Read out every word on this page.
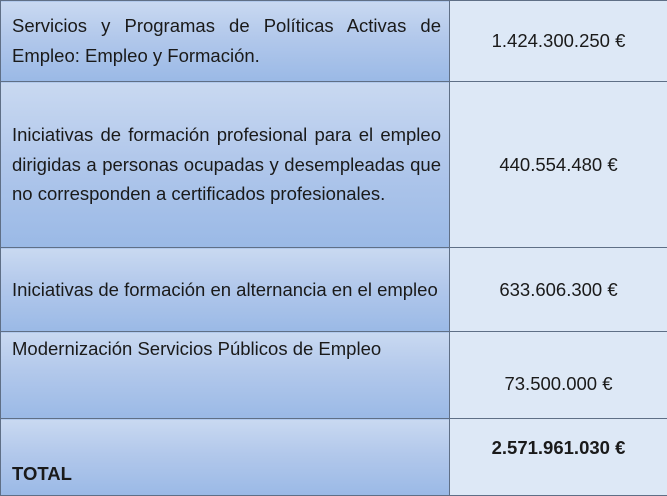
Servicios y Programas de Políticas Activas de Empleo: Empleo y Formación.	1.424.300.250 €
Iniciativas de formación profesional para el empleo dirigidas a personas ocupadas y desempleadas que no corresponden a certificados profesionales.	440.554.480 €
Iniciativas de formación en alternancia en el empleo	633.606.300 €
Modernización Servicios Públicos de Empleo	73.500.000 €
TOTAL	2.571.961.030 €
